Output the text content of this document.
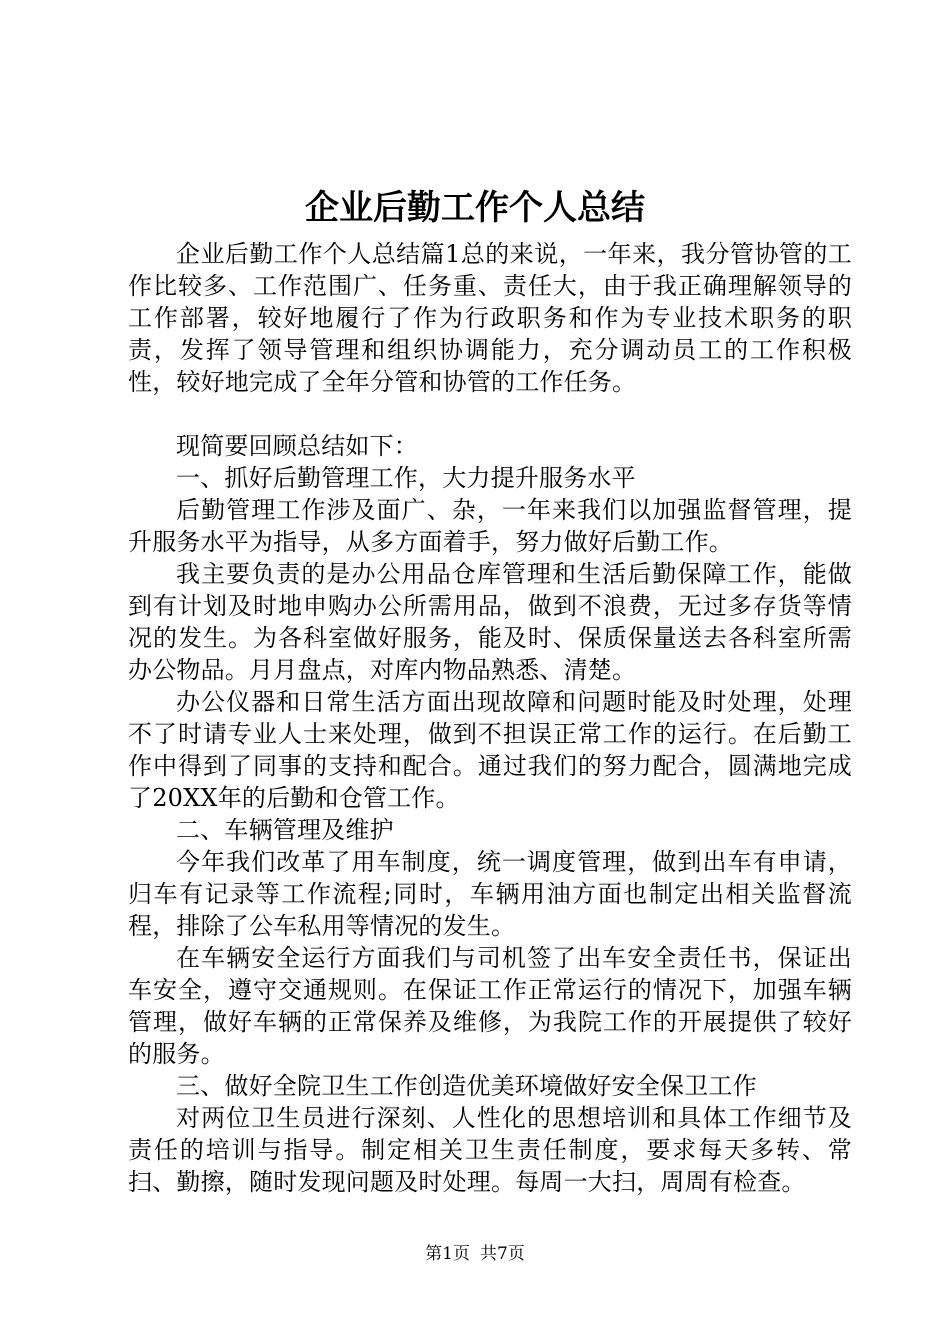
企业后勤工作个人总结

企业后勤工作个人总结篇1总的来说，一年来，我分管协管的工作比较多、工作范围广、任务重、责任大，由于我正确理解领导的工作部署，较好地履行了作为行政职务和作为专业技术职务的职责，发挥了领导管理和组织协调能力，充分调动员工的工作积极性，较好地完成了全年分管和协管的工作任务。

现简要回顾总结如下：

一、抓好后勤管理工作，大力提升服务水平

后勤管理工作涉及面广、杂，一年来我们以加强监督管理，提升服务水平为指导，从多方面着手，努力做好后勤工作。

我主要负责的是办公用品仓库管理和生活后勤保障工作，能做到有计划及时地申购办公所需用品，做到不浪费，无过多存货等情况的发生。为各科室做好服务，能及时、保质保量送去各科室所需办公物品。月月盘点，对库内物品熟悉、清楚。

办公仪器和日常生活方面出现故障和问题时能及时处理，处理不了时请专业人士来处理，做到不担误正常工作的运行。在后勤工作中得到了同事的支持和配合。通过我们的努力配合，圆满地完成了20XX年的后勤和仓管工作。

二、车辆管理及维护

今年我们改革了用车制度，统一调度管理，做到出车有申请，归车有记录等工作流程;同时，车辆用油方面也制定出相关监督流程，排除了公车私用等情况的发生。

在车辆安全运行方面我们与司机签了出车安全责任书，保证出车安全，遵守交通规则。在保证工作正常运行的情况下，加强车辆管理，做好车辆的正常保养及维修，为我院工作的开展提供了较好的服务。

三、做好全院卫生工作创造优美环境做好安全保卫工作

对两位卫生员进行深刻、人性化的思想培训和具体工作细节及责任的培训与指导。制定相关卫生责任制度，要求每天多转、常扫、勤擦，随时发现问题及时处理。每周一大扫，周周有检查。

第1页 共7页
